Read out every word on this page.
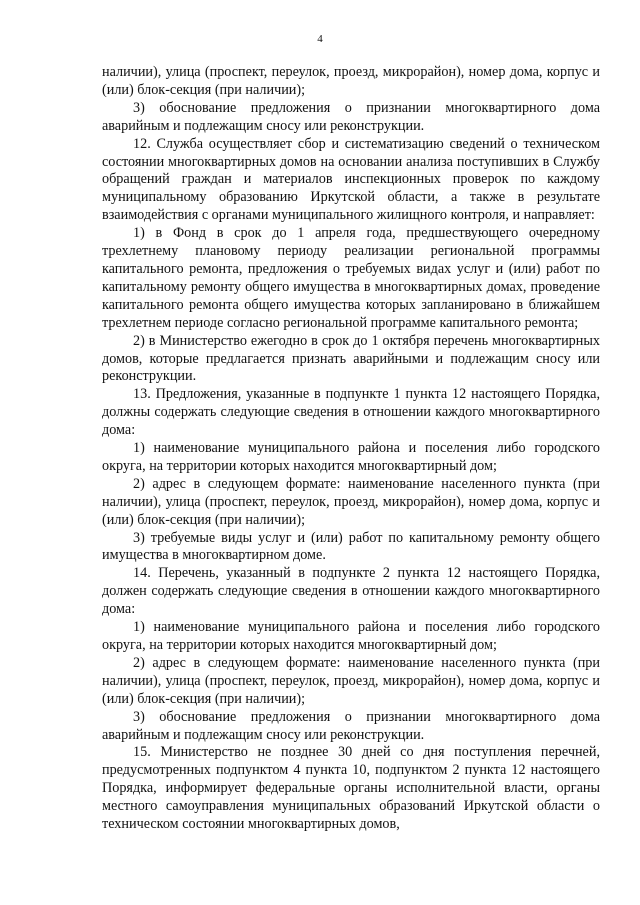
4

наличии), улица (проспект, переулок, проезд, микрорайон), номер дома, корпус и (или) блок-секция (при наличии);

3) обоснование предложения о признании многоквартирного дома аварийным и подлежащим сносу или реконструкции.

12. Служба осуществляет сбор и систематизацию сведений о техническом состоянии многоквартирных домов на основании анализа поступивших в Службу обращений граждан и материалов инспекционных проверок по каждому муниципальному образованию Иркутской области, а также в результате взаимодействия с органами муниципального жилищного контроля, и направляет:

1) в Фонд в срок до 1 апреля года, предшествующего очередному трехлетнему плановому периоду реализации региональной программы капитального ремонта, предложения о требуемых видах услуг и (или) работ по капитальному ремонту общего имущества в многоквартирных домах, проведение капитального ремонта общего имущества которых запланировано в ближайшем трехлетнем периоде согласно региональной программе капитального ремонта;

2) в Министерство ежегодно в срок до 1 октября перечень многоквартирных домов, которые предлагается признать аварийными и подлежащим сносу или реконструкции.

13. Предложения, указанные в подпункте 1 пункта 12 настоящего Порядка, должны содержать следующие сведения в отношении каждого многоквартирного дома:

1) наименование муниципального района и поселения либо городского округа, на территории которых находится многоквартирный дом;

2) адрес в следующем формате: наименование населенного пункта (при наличии), улица (проспект, переулок, проезд, микрорайон), номер дома, корпус и (или) блок-секция (при наличии);

3) требуемые виды услуг и (или) работ по капитальному ремонту общего имущества в многоквартирном доме.

14. Перечень, указанный в подпункте 2 пункта 12 настоящего Порядка, должен содержать следующие сведения в отношении каждого многоквартирного дома:

1) наименование муниципального района и поселения либо городского округа, на территории которых находится многоквартирный дом;

2) адрес в следующем формате: наименование населенного пункта (при наличии), улица (проспект, переулок, проезд, микрорайон), номер дома, корпус и (или) блок-секция (при наличии);

3) обоснование предложения о признании многоквартирного дома аварийным и подлежащим сносу или реконструкции.

15. Министерство не позднее 30 дней со дня поступления перечней, предусмотренных подпунктом 4 пункта 10, подпунктом 2 пункта 12 настоящего Порядка, информирует федеральные органы исполнительной власти, органы местного самоуправления муниципальных образований Иркутской области о техническом состоянии многоквартирных домов,
